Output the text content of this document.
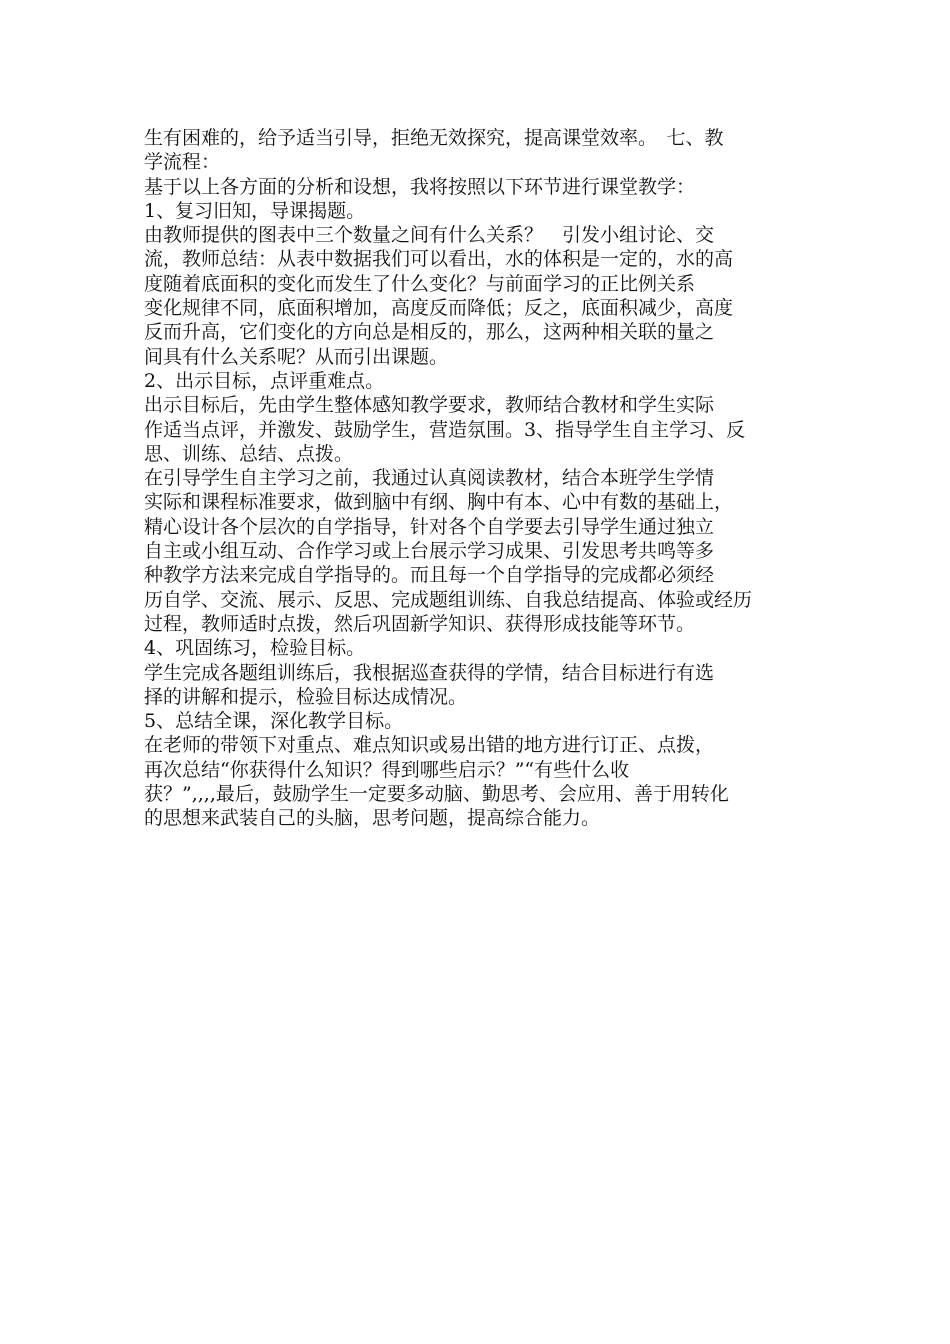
生有困难的，给予适当引导，拒绝无效探究，提高课堂效率。　七、教
学流程：
基于以上各方面的分析和设想，我将按照以下环节进行课堂教学：
1、复习旧知，导课揭题。
由教师提供的图表中三个数量之间有什么关系？　引发小组讨论、交
流，教师总结：从表中数据我们可以看出，水的体积是一定的，水的高
度随着底面积的变化而发生了什么变化？与前面学习的正比例关系
变化规律不同，底面积增加，高度反而降低；反之，底面积减少，高度
反而升高，它们变化的方向总是相反的，那么，这两种相关联的量之
间具有什么关系呢？从而引出课题。
2、出示目标，点评重难点。
出示目标后，先由学生整体感知教学要求，教师结合教材和学生实际
作适当点评，并激发、鼓励学生，营造氛围。3、指导学生自主学习、反
思、训练、总结、点拨。
在引导学生自主学习之前，我通过认真阅读教材，结合本班学生学情
实际和课程标准要求，做到脑中有纲、胸中有本、心中有数的基础上，
精心设计各个层次的自学指导，针对各个自学要去引导学生通过独立
自主或小组互动、合作学习或上台展示学习成果、引发思考共鸣等多
种教学方法来完成自学指导的。而且每一个自学指导的完成都必须经
历自学、交流、展示、反思、完成题组训练、自我总结提高、体验或经历
过程，教师适时点拨，然后巩固新学知识、获得形成技能等环节。
4、巩固练习，检验目标。
学生完成各题组训练后，我根据巡查获得的学情，结合目标进行有选
择的讲解和提示，检验目标达成情况。
5、总结全课，深化教学目标。
在老师的带领下对重点、难点知识或易出错的地方进行订正、点拨，
再次总结“你获得什么知识？得到哪些启示？”“有些什么收
获？”,,,,最后，鼓励学生一定要多动脑、勤思考、会应用、善于用转化
的思想来武装自己的头脑，思考问题，提高综合能力。
